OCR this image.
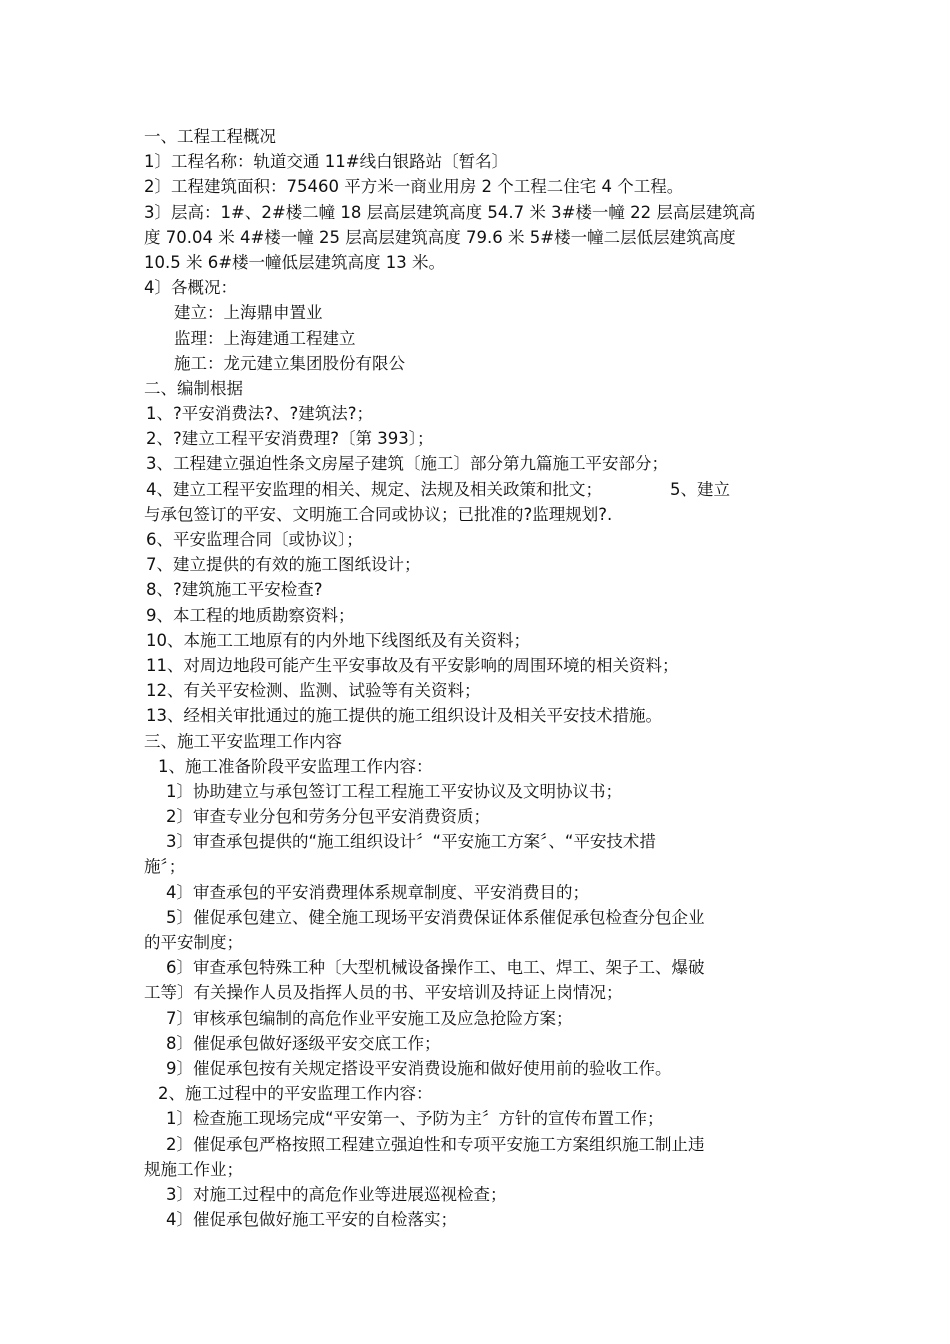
一、工程工程概况
1〕工程名称：轨道交通 11#线白银路站〔暂名〕
2〕工程建筑面积：75460 平方米一商业用房 2 个工程二住宅 4 个工程。
3〕层高：1#、2#楼二幢 18 层高层建筑高度 54.7 米 3#楼一幢 22 层高层建筑高
度 70.04 米 4#楼一幢 25 层高层建筑高度 79.6 米 5#楼一幢二层低层建筑高度
10.5 米 6#楼一幢低层建筑高度 13 米。
4〕各概况：
建立：上海鼎申置业
监理：上海建通工程建立
施工：龙元建立集团股份有限公
二、编制根据
1、?平安消费法?、?建筑法?；
2、?建立工程平安消费理?〔第 393〕；
3、工程建立强迫性条文房屋子建筑〔施工〕部分第九篇施工平安部分；
4、建立工程平安监理的相关、规定、法规及相关政策和批文；	5、建立
与承包签订的平安、文明施工合同或协议；已批准的?监理规划?.
6、平安监理合同〔或协议〕；
7、建立提供的有效的施工图纸设计；
8、?建筑施工平安检查?
9、本工程的地质勘察资料；
10、本施工工地原有的内外地下线图纸及有关资料；
11、对周边地段可能产生平安事故及有平安影响的周围环境的相关资料；
12、有关平安检测、监测、试验等有关资料；
13、经相关审批通过的施工提供的施工组织设计及相关平安技术措施。
三、施工平安监理工作内容
1、施工准备阶段平安监理工作内容：
1〕协助建立与承包签订工程工程施工平安协议及文明协议书；
2〕审查专业分包和劳务分包平安消费资质；
3〕审查承包提供的“施工组织设计〞“平安施工方案〞、“平安技术措
施〞；
4〕审查承包的平安消费理体系规章制度、平安消费目的；
5〕催促承包建立、健全施工现场平安消费保证体系催促承包检查分包企业
的平安制度；
6〕审查承包特殊工种〔大型机械设备操作工、电工、焊工、架子工、爆破
工等〕有关操作人员及指挥人员的书、平安培训及持证上岗情况；
7〕审核承包编制的高危作业平安施工及应急抢险方案；
8〕催促承包做好逐级平安交底工作；
9〕催促承包按有关规定搭设平安消费设施和做好使用前的验收工作。
2、施工过程中的平安监理工作内容：
1〕检查施工现场完成“平安第一、予防为主〞方针的宣传布置工作；
2〕催促承包严格按照工程建立强迫性和专项平安施工方案组织施工制止违
规施工作业；
3〕对施工过程中的高危作业等进展巡视检查；
4〕催促承包做好施工平安的自检落实；
